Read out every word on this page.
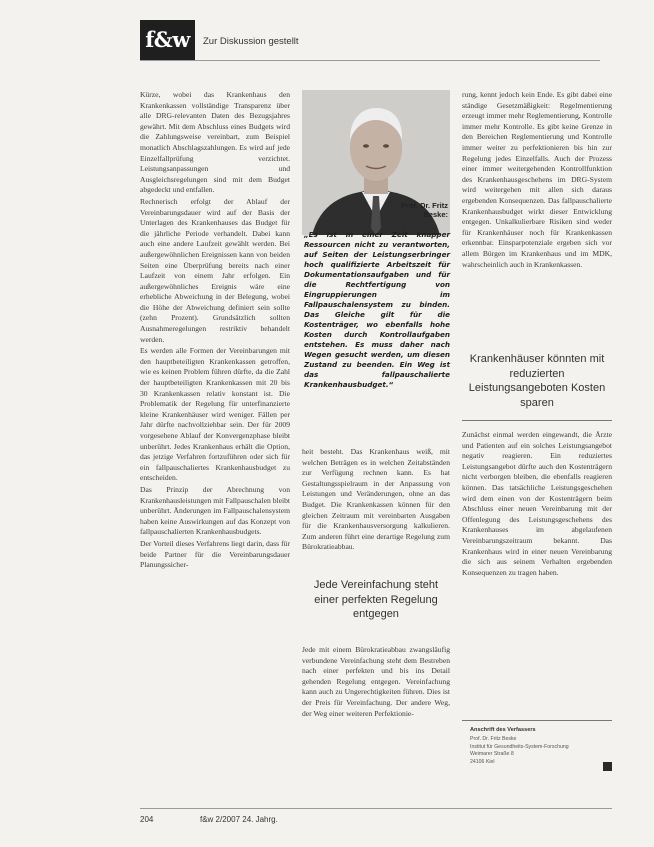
f&w	Zur Diskussion gestellt

Kürze, wobei das Krankenhaus den Krankenkassen vollständige Transparenz über alle DRG-relevanten Daten des Bezugsjahres gewährt. Mit dem Abschluss eines Budgets wird die Zahlungsweise vereinbart, zum Beispiel monatlich Abschlagszahlungen. Es wird auf jede Einzelfallprüfung verzichtet. Leistungsanpassungen und Ausgleichsregelungen sind mit dem Budget abgedeckt und entfallen.

Rechnerisch erfolgt der Ablauf der Vereinbarungsdauer wird auf der Basis der Unterlagen des Krankenhauses das Budget für die jährliche Periode verhandelt. Dabei kann auch eine andere Laufzeit gewählt werden. Bei außergewöhnlichen Ereignissen kann von beiden Seiten eine Überprüfung bereits nach einer Laufzeit von einem Jahr erfolgen. Ein außergewöhnliches Ereignis wäre eine erhebliche Abweichung in der Belegung, wobei die Höhe der Abweichung definiert sein sollte (zehn Prozent). Grundsätzlich sollten Ausnahmeregelungen restriktiv behandelt werden.

Es werden alle Formen der Vereinbarungen mit den hauptbeteiligten Krankenkassen getroffen, wie es keinen Problem führen dürfte, da die Zahl der hauptbeteiligten Krankenkassen mit 20 bis 30 Krankenkassen relativ konstant ist. Die Problematik der Regelung für unterfinanzierte kleine Krankenhäuser wird weniger. Fällen per Jahr dürfte nachvollziehbar sein. Der für 2009 vorgesehene Ablauf der Konvergenzphase bleibt unberührt. Jedes Krankenhaus erhält die Option, das jetzige Verfahren fortzuführen oder sich für ein fallpauschaliertes Krankenhausbudget zu entscheiden.

Das Prinzip der Abrechnung von Krankenhausleistungen mit Fallpauschalen bleibt unberührt. Änderungen im Fallpauschalensystem haben keine Auswirkungen auf das Konzept von fallpauschalierten Krankenhausbudgets.

Der Vorteil dieses Verfahrens liegt darin, dass für beide Partner für die Vereinbarungsdauer Planungssicher-

Prof. Dr. Fritz Beske:
„Es ist in einer Zeit knapper Ressourcen nicht zu verantworten, auf Seiten der Leistungserbringer hoch qualifizierte Arbeitszeit für Dokumentationsaufgaben und für die Rechtfertigung von Eingruppierungen im Fallpauschalensystem zu binden. Das Gleiche gilt für die Kostenträger, wo ebenfalls hohe Kosten durch Kontrollaufgaben entstehen. Es muss daher nach Wegen gesucht werden, um diesen Zustand zu beenden. Ein Weg ist das fallpauschalierte Krankenhausbudget.“

heit besteht. Das Krankenhaus weiß, mit welchen Beträgen es in welchen Zeitabständen zur Verfügung rechnen kann. Es hat Gestaltungsspielraum in der Anpassung von Leistungen und Veränderungen, ohne an das Budget. Die Krankenkassen können für den gleichen Zeitraum mit vereinbarten Ausgaben für die Krankenhausversorgung kalkulieren. Zum anderen führt eine derartige Regelung zum Bürokratieabbau.

Jede Vereinfachung steht einer perfekten Regelung entgegen

Jede mit einem Bürokratieabbau zwangsläufig verbundene Vereinfachung steht dem Bestreben nach einer perfekten und bis ins Detail gehenden Regelung entgegen. Vereinfachung kann auch zu Ungerechtigkeiten führen. Dies ist der Preis für Vereinfachung. Der andere Weg, der Weg einer weiteren Perfektionie-

rung, kennt jedoch kein Ende. Es gibt dabei eine ständige Gesetzmäßigkeit: Regelmentierung erzeugt immer mehr Reglementierung, Kontrolle immer mehr Kontrolle. Es gibt keine Grenze in den Bereichen Reglementierung und Kontrolle immer weiter zu perfektionieren bis hin zur Regelung jedes Einzelfalls. Auch der Prozess einer immer weitergehenden Kontrollfunktion des Krankenhausgeschehens im DRG-System wird weitergehen mit allen sich daraus ergebenden Konsequenzen. Das fallpauschalierte Krankenhausbudget wirkt dieser Entwicklung entgegen. Unkalkulierbare Risiken sind weder für Krankenhäuser noch für Krankenkassen erkennbar. Einsparpotenziale ergeben sich vor allem Bürgen im Krankenhaus und im MDK, wahrscheinlich auch in Krankenkassen.

Krankenhäuser könnten mit reduzierten Leistungsangeboten Kosten sparen

Zunächst einmal werden eingewandt, die Ärzte und Patienten auf ein solches Leistungsangebot negativ reagieren. Ein reduziertes Leistungsangebot dürfte auch den Kostenträgern nicht verborgen bleiben, die ebenfalls reagieren können. Das tatsächliche Leistungsgeschehen wird dem einen von der Kostenträgern beim Abschluss einer neuen Vereinbarung mit der Offenlegung des Leistungsgeschehens des Krankenhauses im abgelaufenen Vereinbarungszeitraum bekannt. Das Krankenhaus wird in einer neuen Vereinbarung die sich aus seinem Verhalten ergebenden Konsequenzen zu tragen haben.

Anschrift des Verfassers
Prof. Dr. Fritz Beske
Institut für Gesundheits-System-Forschung
Weimarer Straße 8
24106 Kiel
204	f&w 2/2007 24. Jahrg.
